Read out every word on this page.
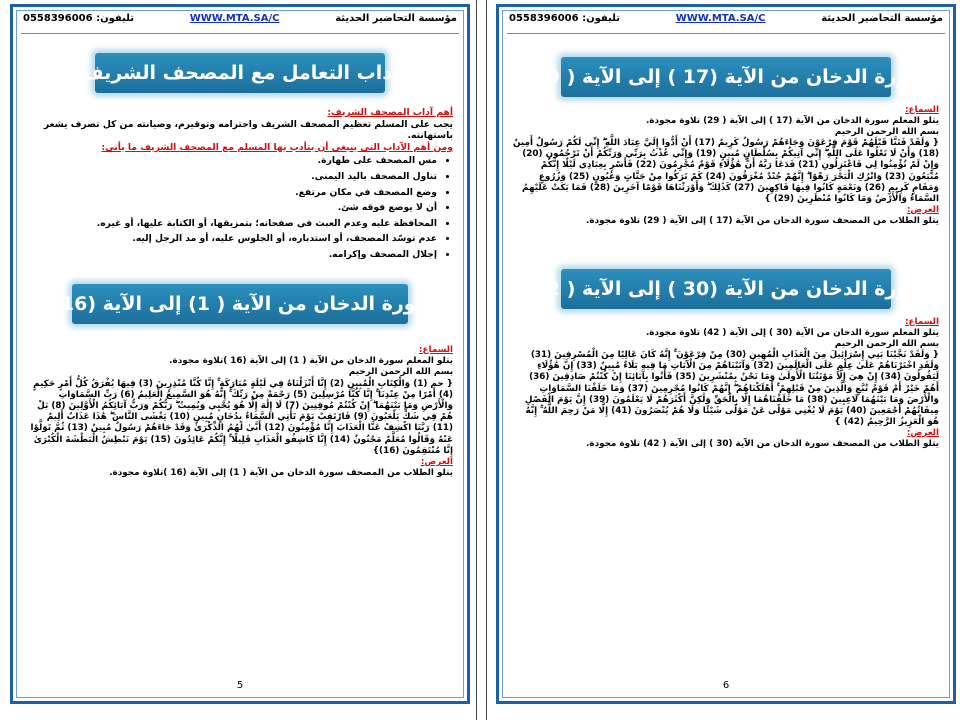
تليفون: 0558396006	WWW.MTA.SA/C	مؤسسة التحاضير الحديثة
آداب التعامل مع المصحف الشريف
أهم آداب المصحف الشريف:
يجب على المسلم تعظيم المصحف الشريف واحترامه وتوقيرم، وصيانته من كل تصرف يشعر باستهانته.
ومن أهم الآداب التي ينبغي أن يتأدب بها المسلم مع المصحف الشريف ما يأتي:
• مس المصحف على طهارة.
• تناول المصحف باليد اليمنى.
• وضع المصحف في مكان مرتفع.
• أن لا يوضع فوقه شئ.
• المحافظة عليه وعدم العبث في صفحاته؛ بتمزيقها، أو الكتابة عليها، أو غيره.
• عدم توسّد المصحف، أو استدباره، أو الجلوس عليه، أو مد الرجل إليه.
• إجلال المصحف وإكرامه.
سورة الدخان من الآية ( 1) إلى الآية (16 )
السماع:
يتلو المعلم سورة الدخان من الآية ( 1) إلى الآية (16 )تلاوة مجودة.
بسم الله الرحمن الرحيم
{ حم (1) وَالْكِتَابِ الْمُبِينِ (2) إِنَّا أَنْزَلْنَاهُ فِي لَيْلَةٍ مُبَارَكَةٍ ۚ إِنَّا كُنَّا مُنْذِرِينَ (3) فِيهَا يُفْرَقُ كُلُّ أَمْرٍ حَكِيمٍ (4) أَمْرًا مِنْ عِنْدِنَا ۚ إِنَّا كُنَّا مُرْسِلِينَ (5) رَحْمَةً مِنْ رَبِّكَ ۚ إِنَّهُ هُوَ السَّمِيعُ الْعَلِيمُ (6) رَبِّ السَّمَاوَاتِ وَالْأَرْضِ وَمَا بَيْنَهُمَا ۖ إِنْ كُنْتُمْ مُوقِنِينَ (7) لَا إِلَٰهَ إِلَّا هُوَ يُحْيِي وَيُمِيتُ ۖ رَبُّكُمْ وَرَبُّ آبَائِكُمُ الْأَوَّلِينَ (8) بَلْ هُمْ فِي شَكٍّ يَلْعَبُونَ (9) فَارْتَقِبْ يَوْمَ تَأْتِي السَّمَاءُ بِدُخَانٍ مُبِينٍ (10) يَغْشَى النَّاسَ ۖ هَٰذَا عَذَابٌ أَلِيمٌ (11) رَبَّنَا اكْشِفْ عَنَّا الْعَذَابَ إِنَّا مُؤْمِنُونَ (12) أَنَّىٰ لَهُمُ الذِّكْرَىٰ وَقَدْ جَاءَهُمْ رَسُولٌ مُبِينٌ (13) ثُمَّ تَوَلَّوْا عَنْهُ وَقَالُوا مُعَلَّمٌ مَجْنُونٌ (14) إِنَّا كَاشِفُو الْعَذَابِ قَلِيلًا ۚ إِنَّكُمْ عَائِدُونَ (15) يَوْمَ نَبْطِشُ الْبَطْشَةَ الْكُبْرَىٰ إِنَّا مُنْتَقِمُونَ (16)}
العرض:
يتلو الطلاب من المصحف سورة الدخان من الآية ( 1) إلى الآية (16 )تلاوة مجودة.
5
تليفون: 0558396006	WWW.MTA.SA/C	مؤسسة التحاضير الحديثة
سورة الدخان من الآية (17 ) إلى الآية ( 29)
السماع:
يتلو المعلم سورة الدخان من الآية (17 ) إلى الآية ( 29) تلاوة مجودة.
بسم الله الرحمن الرحيم
{ وَلَقَدْ فَتَنَّا قَبْلَهُمْ قَوْمَ فِرْعَوْنَ وَجَاءَهُمْ رَسُولٌ كَرِيمٌ (17) أَنْ أَدُّوا إِلَيَّ عِبَادَ اللَّهِ ۖ إِنِّي لَكُمْ رَسُولٌ أَمِينٌ (18) وَأَنْ لَا تَعْلُوا عَلَى اللَّهِ ۖ إِنِّي آتِيكُمْ بِسُلْطَانٍ مُبِينٍ (19) وَإِنِّي عُذْتُ بِرَبِّي وَرَبِّكُمْ أَنْ تَرْجُمُونِ (20) وَإِنْ لَمْ تُؤْمِنُوا لِي فَاعْتَزِلُونِ (21) فَدَعَا رَبَّهُ أَنَّ هَٰؤُلَاءِ قَوْمٌ مُجْرِمُونَ (22) فَأَسْرِ بِعِبَادِي لَيْلًا إِنَّكُمْ مُتَّبَعُونَ (23) وَاتْرُكِ الْبَحْرَ رَهْوًا ۖ إِنَّهُمْ جُنْدٌ مُغْرَقُونَ (24) كَمْ تَرَكُوا مِنْ جَنَّاتٍ وَعُيُونٍ (25) وَزُرُوعٍ وَمَقَامٍ كَرِيمٍ (26) وَنَعْمَةٍ كَانُوا فِيهَا فَاكِهِينَ (27) كَذَٰلِكَ ۖ وَأَوْرَثْنَاهَا قَوْمًا آخَرِينَ (28) فَمَا بَكَتْ عَلَيْهِمُ السَّمَاءُ وَالْأَرْضُ وَمَا كَانُوا مُنْظَرِينَ (29) }
العرض:
يتلو الطلاب من المصحف سورة الدخان من الآية (17 ) إلى الآية ( 29) تلاوة مجودة.
سورة الدخان من الآية (30 ) إلى الآية ( 42)
السماع:
يتلو المعلم سورة الدخان من الآية (30 ) إلى الآية ( 42) تلاوة مجودة.
بسم الله الرحمن الرحيم
{ وَلَقَدْ نَجَّيْنَا بَنِي إِسْرَائِيلَ مِنَ الْعَذَابِ الْمُهِينِ (30) مِنْ فِرْعَوْنَ ۚ إِنَّهُ كَانَ عَالِيًا مِنَ الْمُسْرِفِينَ (31) وَلَقَدِ اخْتَرْنَاهُمْ عَلَىٰ عِلْمٍ عَلَى الْعَالَمِينَ (32) وَآتَيْنَاهُمْ مِنَ الْآيَاتِ مَا فِيهِ بَلَاءٌ مُبِينٌ (33) إِنَّ هَٰؤُلَاءِ لَيَقُولُونَ (34) إِنْ هِيَ إِلَّا مَوْتَتُنَا الْأُولَىٰ وَمَا نَحْنُ بِمُنْشَرِينَ (35) فَأْتُوا بِآبَائِنَا إِنْ كُنْتُمْ صَادِقِينَ (36) أَهُمْ خَيْرٌ أَمْ قَوْمُ تُبَّعٍ وَالَّذِينَ مِنْ قَبْلِهِمْ ۚ أَهْلَكْنَاهُمْ ۖ إِنَّهُمْ كَانُوا مُجْرِمِينَ (37) وَمَا خَلَقْنَا السَّمَاوَاتِ وَالْأَرْضَ وَمَا بَيْنَهُمَا لَاعِبِينَ (38) مَا خَلَقْنَاهُمَا إِلَّا بِالْحَقِّ وَلَٰكِنَّ أَكْثَرَهُمْ لَا يَعْلَمُونَ (39) إِنَّ يَوْمَ الْفَصْلِ مِيقَاتُهُمْ أَجْمَعِينَ (40) يَوْمَ لَا يُغْنِي مَوْلًى عَنْ مَوْلًى شَيْئًا وَلَا هُمْ يُنْصَرُونَ (41) إِلَّا مَنْ رَحِمَ اللَّهُ ۚ إِنَّهُ هُوَ الْعَزِيزُ الرَّحِيمُ (42) }
العرض:
يتلو الطلاب من المصحف سورة الدخان من الآية (30 ) إلى الآية ( 42) تلاوة مجودة.
6
